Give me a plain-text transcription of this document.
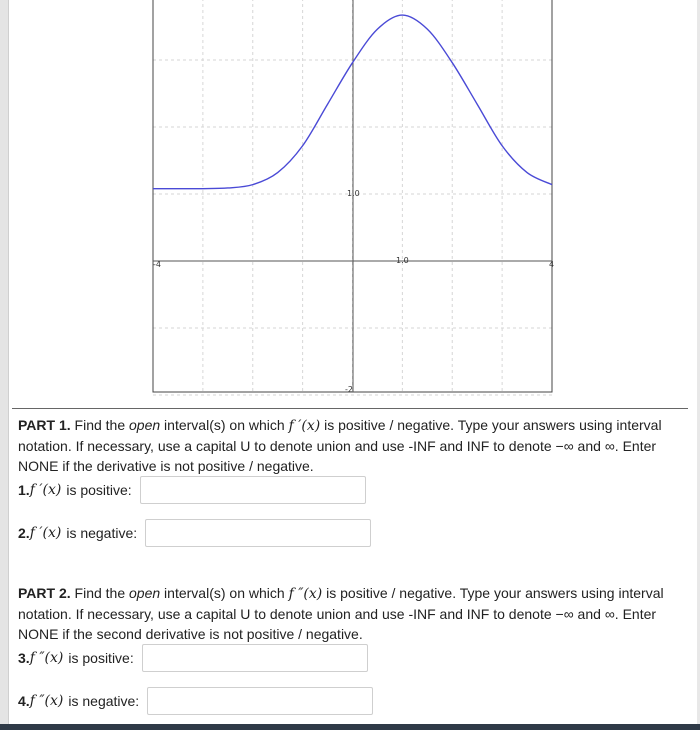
-4	4
-2
1.0
1.0
PART 1. Find the open interval(s) on which f ′(x) is positive / negative. Type your answers using interval notation. If necessary, use a capital U to denote union and use -INF and INF to denote −∞ and ∞. Enter NONE if the derivative is not positive / negative.
1. f ′(x) is positive:
2. f ′(x) is negative:
PART 2. Find the open interval(s) on which f ″(x) is positive / negative. Type your answers using interval notation. If necessary, use a capital U to denote union and use -INF and INF to denote −∞ and ∞. Enter NONE if the second derivative is not positive / negative.
3. f ″(x) is positive:
4. f ″(x) is negative:
